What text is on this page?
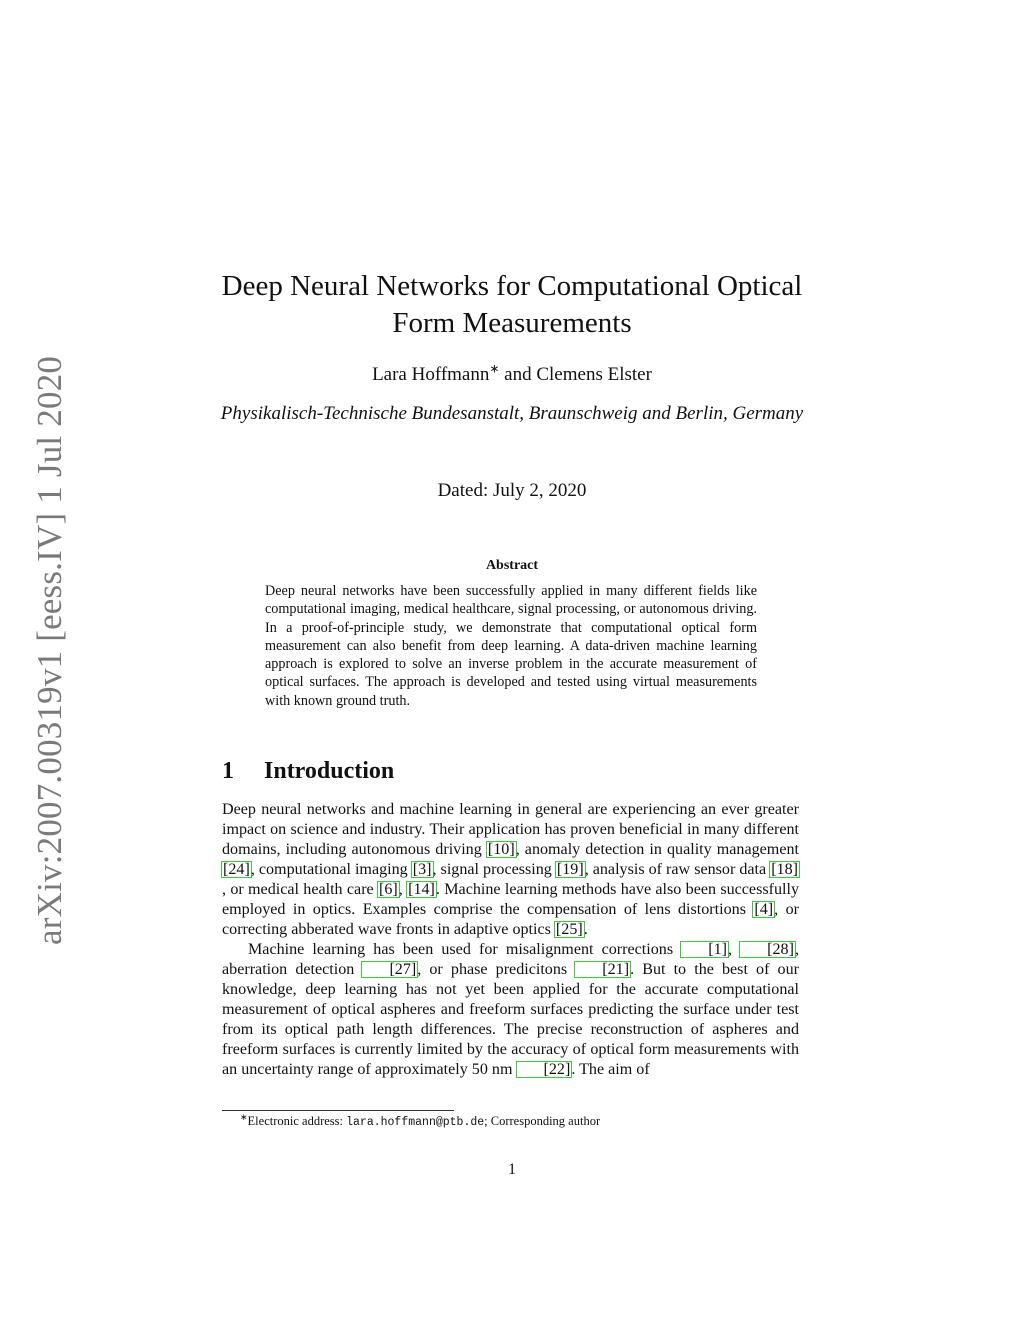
arXiv:2007.00319v1 [eess.IV] 1 Jul 2020
Deep Neural Networks for Computational Optical Form Measurements
Lara Hoffmann∗ and Clemens Elster
Physikalisch-Technische Bundesanstalt, Braunschweig and Berlin, Germany
Dated: July 2, 2020
Abstract
Deep neural networks have been successfully applied in many different fields like computational imaging, medical healthcare, signal processing, or autonomous driving. In a proof-of-principle study, we demonstrate that computational optical form measurement can also benefit from deep learning. A data-driven machine learning approach is explored to solve an inverse problem in the accurate measurement of optical surfaces. The approach is developed and tested using virtual measurements with known ground truth.
1 Introduction

Deep neural networks and machine learning in general are experiencing an ever greater impact on science and industry. Their application has proven beneficial in many different domains, including autonomous driving [10], anomaly detection in quality management [24], computational imaging [3], signal processing [19], analysis of raw sensor data [18], or medical health care [6], [14]. Machine learning methods have also been successfully employed in optics. Examples comprise the compensation of lens distortions [4], or correcting abberated wave fronts in adaptive optics [25].

Machine learning has been used for misalignment corrections [1], [28], aberration detection [27], or phase predicitons [21]. But to the best of our knowledge, deep learning has not yet been applied for the accurate computational measurement of optical aspheres and freeform surfaces predicting the surface under test from its optical path length differences. The precise reconstruction of aspheres and freeform surfaces is currently limited by the accuracy of optical form measurements with an uncertainty range of approximately 50 nm [22]. The aim of

∗Electronic address: lara.hoffmann@ptb.de; Corresponding author
1
